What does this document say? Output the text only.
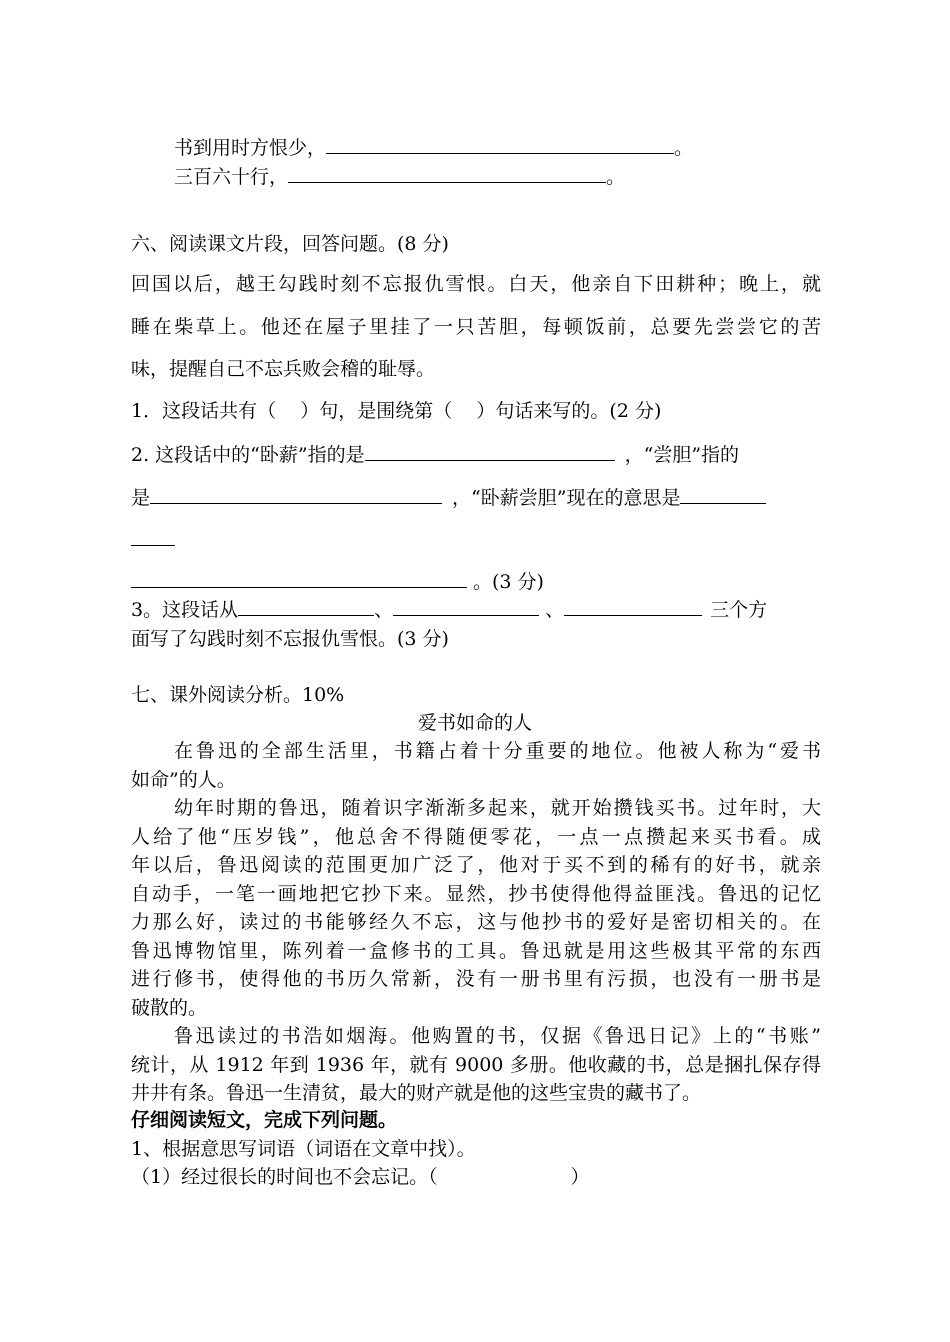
书到用时方恨少，	。
三百六十行，	。
六、阅读课文片段，回答问题。(8 分)
回国以后，越王勾践时刻不忘报仇雪恨。白天，他亲自下田耕种；晚上，就
睡在柴草上。他还在屋子里挂了一只苦胆，每顿饭前，总要先尝尝它的苦
味，提醒自己不忘兵败会稽的耻辱。
1．这段话共有（    ）句，是围绕第（    ）句话来写的。(2 分)
2. 这段话中的“卧薪”指的是	，“尝胆”指的
是	，“卧薪尝胆”现在的意思是
。(3 分)
3。这段话从	、	、	三个方
面写了勾践时刻不忘报仇雪恨。(3 分)
七、课外阅读分析。10%
爱书如命的人
在鲁迅的全部生活里，书籍占着十分重要的地位。他被人称为“爱书
如命”的人。
幼年时期的鲁迅，随着识字渐渐多起来，就开始攒钱买书。过年时，大
人给了他“压岁钱”，他总舍不得随便零花，一点一点攒起来买书看。成
年以后，鲁迅阅读的范围更加广泛了，他对于买不到的稀有的好书，就亲
自动手，一笔一画地把它抄下来。显然，抄书使得他得益匪浅。鲁迅的记忆
力那么好，读过的书能够经久不忘，这与他抄书的爱好是密切相关的。在
鲁迅博物馆里，陈列着一盒修书的工具。鲁迅就是用这些极其平常的东西
进行修书，使得他的书历久常新，没有一册书里有污损，也没有一册书是
破散的。
鲁迅读过的书浩如烟海。他购置的书，仅据《鲁迅日记》上的“书账”
统计，从 1912 年到 1936 年，就有 9000 多册。他收藏的书，总是捆扎保存得
井井有条。鲁迅一生清贫，最大的财产就是他的这些宝贵的藏书了。
仔细阅读短文，完成下列问题。
1、根据意思写词语（词语在文章中找）。
（1）经过很长的时间也不会忘记。（                      ）
